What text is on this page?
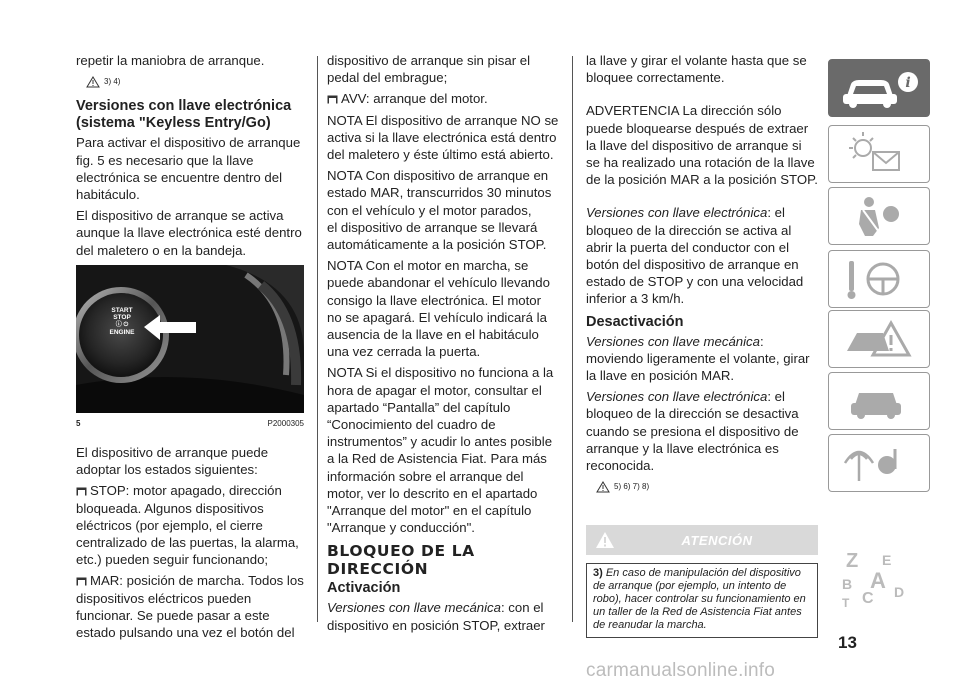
repetir la maniobra de arranque.

3) 4)
Versiones con llave electrónica (sistema "Keyless Entry/Go)

Para activar el dispositivo de arranque fig. 5 es necesario que la llave electrónica se encuentre dentro del habitáculo.

El dispositivo de arranque se activa aunque la llave electrónica esté dentro del maletero o en la bandeja.

START
STOP
ⓘ ⏻
ENGINE
5	P2000305

El dispositivo de arranque puede adoptar los estados siguientes:

STOP: motor apagado, dirección bloqueada. Algunos dispositivos eléctricos (por ejemplo, el cierre centralizado de las puertas, la alarma, etc.) pueden seguir funcionando;

MAR: posición de marcha. Todos los dispositivos eléctricos pueden funcionar. Se puede pasar a este estado pulsando una vez el botón del

dispositivo de arranque sin pisar el pedal del embrague;

AVV: arranque del motor.

NOTA El dispositivo de arranque NO se activa si la llave electrónica está dentro del maletero y éste último está abierto.

NOTA Con dispositivo de arranque en estado MAR, transcurridos 30 minutos con el vehículo y el motor parados,

el dispositivo de arranque se llevará automáticamente a la posición STOP.

NOTA Con el motor en marcha, se puede abandonar el vehículo llevando consigo la llave electrónica. El motor no se apagará. El vehículo indicará la ausencia de la llave en el habitáculo una vez cerrada la puerta.

NOTA Si el dispositivo no funciona a la hora de apagar el motor, consultar el apartado “Pantalla” del capítulo “Conocimiento del cuadro de instrumentos” y acudir lo antes posible a la Red de Asistencia Fiat. Para más información sobre el arranque del motor, ver lo descrito en el apartado "Arranque del motor" en el capítulo "Arranque y conducción".

BLOQUEO DE LA DIRECCIÓN
Activación

Versiones con llave mecánica: con el dispositivo en posición STOP, extraer

la llave y girar el volante hasta que se bloquee correctamente.

ADVERTENCIA La dirección sólo puede bloquearse después de extraer la llave del dispositivo de arranque si se ha realizado una rotación de la llave de la posición MAR a la posición STOP.

Versiones con llave electrónica: el bloqueo de la dirección se activa al abrir la puerta del conductor con el botón del dispositivo de arranque en estado de STOP y con una velocidad inferior a 3 km/h.

Desactivación

Versiones con llave mecánica: moviendo ligeramente el volante, girar la llave en posición MAR.

Versiones con llave electrónica: el bloqueo de la dirección se desactiva cuando se presiona el dispositivo de arranque y la llave electrónica es reconocida.

5) 6) 7) 8)
ATENCIÓN
3) En caso de manipulación del dispositivo de arranque (por ejemplo, un intento de robo), hacer controlar su funcionamiento en un taller de la Red de Asistencia Fiat antes de reanudar la marcha.
i
Z E
B A
C D
T
13
carmanualsonline.info
